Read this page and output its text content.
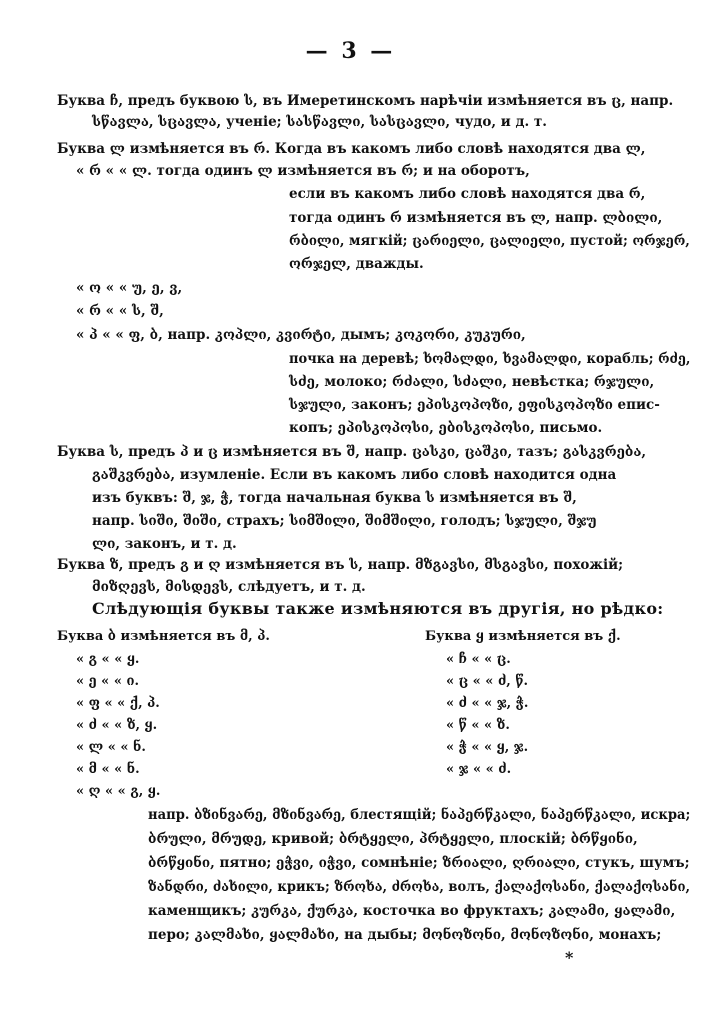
— 3 —
Буква ჩ, предъ буквою ს, въ Имеретинскомъ нарѣчіи измѣняется въ ც, напр.
სწავლა, სცავლა, ученіе; სასწავლი, სასცავლი, чудо, и д. т.
Буква ლ измѣняется въ რ. Когда въ какомъ либо словѣ находятся два ლ,
« რ « « ლ. тогда одинъ ლ измѣняется въ რ; и на оборотъ,
если въ какомъ либо словѣ находятся два რ,
тогда одинъ რ измѣняется въ ლ, напр. ლბილი,
რბილი, мягкій; ცარიელი, ცალიელი, пустой; ორჯერ,
ორჯელ, дважды.
« ო « « უ, ე, ვ,
« რ « « ს, შ,
« პ « « ფ, ბ, напр. კოპლი, კვირტი, дымъ; კოკორი, კუკური,
почка на деревѣ; ხომალდი, ხვამალდი, корабль; რძე,
სძე, молоко; რძალი, სძალი, невѣстка; რჯული,
სჯული, законъ; ეპისკოპოზი, ეფისკოპოზი епис-
копъ; ეპისკოპოსი, ებისკოპოსი, письмо.
Буква ს, предъ პ и ც измѣняется въ შ, напр. ცასკი, ცაშკი, тазъ; გასკვრება,
გაშკვრება, изумленіе. Если въ какомъ либо словѣ находится одна
изъ буквъ: შ, ჯ, ჭ, тогда начальная буква ს измѣняется въ შ,
напр. სიში, შიში, страхъ; სიმშილი, შიმშილი, голодъ; სჯული, შჯუ
ლი, законъ, и т. д.
Буква ზ, предъ გ и ღ измѣняется въ ს, напр. მზგავსი, მსგავსი, похожій;
მიზღევს, მისდევს, слѣдуетъ, и т. д.
Слѣдующія буквы также измѣняются въ другія, но рѣдко:
Буква ბ измѣняется въ მ, პ.	Буква ყ измѣняется въ ქ.
« გ « « ყ.
« ე « « ი.
« ფ « « ქ, პ.
« ძ « « ზ, ყ.
« ლ « « ნ.
« მ « « ნ.
« ღ « « გ, ყ.
« ჩ « « ც.
« ც « « ძ, წ.
« ძ « « ჯ, ჭ.
« წ « « ზ.
« ჭ « « ყ, ჯ.
« ჯ « « ძ.
напр. ბზინვარე, მზინვარე, блестящій; ნაპერწკალი, ნაპერწკალი, искра;
ბრული, მრუდე, кривой; ბრტყელი, პრტყელი, плоскій; ბრწყინი,
ბრწყინი, пятно; ეჭვი, იჭვი, сомнѣніе; ზრიალი, ღრიალი, стукъ, шумъ;
ზანდრი, ძახილი, крикъ; ზროხა, ძროხა, волъ, ქალაქოსანი, ქალაქოსანი,
каменщикъ; კურკა, ქურკა, косточка во фруктахъ; კალამი, ყალამი,
перо; კალმახი, ყალმახი, на дыбы; მონოზონი, მონოზონი, монахъ;
*
